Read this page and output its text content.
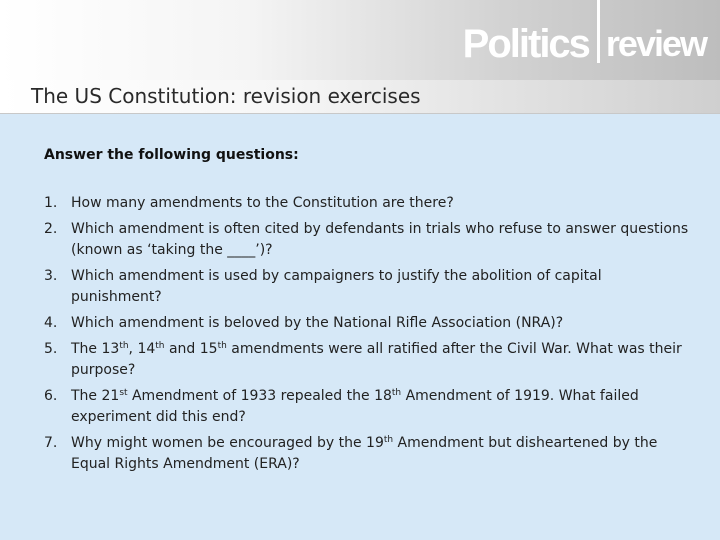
Politics review
The US Constitution: revision exercises

Answer the following questions:

1. How many amendments to the Constitution are there?
2. Which amendment is often cited by defendants in trials who refuse to answer questions (known as ‘taking the ____’)?
3. Which amendment is used by campaigners to justify the abolition of capital punishment?
4. Which amendment is beloved by the National Rifle Association (NRA)?
5. The 13th, 14th and 15th amendments were all ratified after the Civil War. What was their purpose?
6. The 21st Amendment of 1933 repealed the 18th Amendment of 1919. What failed experiment did this end?
7. Why might women be encouraged by the 19th Amendment but disheartened by the Equal Rights Amendment (ERA)?
